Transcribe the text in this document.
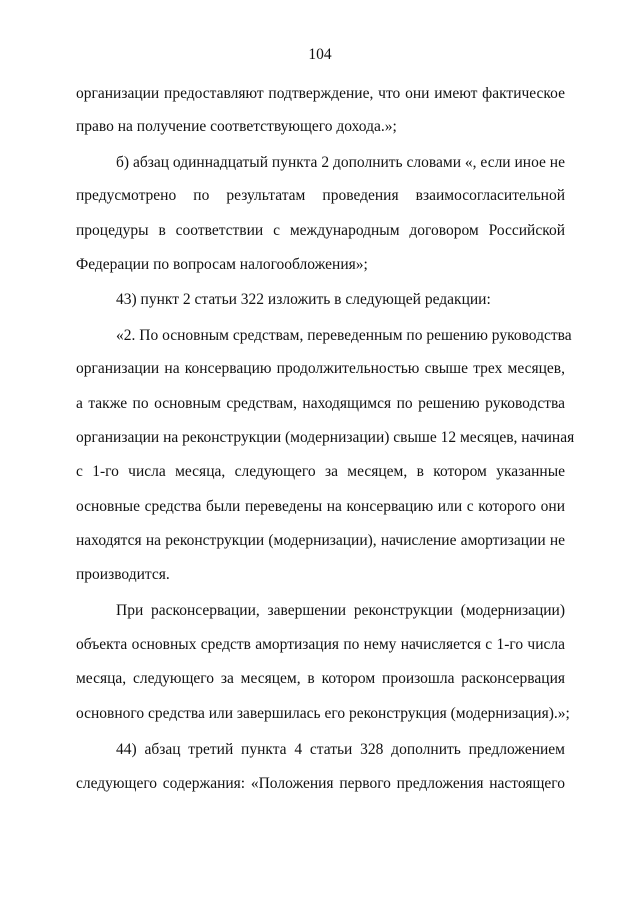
104
организации предоставляют подтверждение, что они имеют фактическое
право на получение соответствующего дохода.»;
б) абзац одиннадцатый пункта 2 дополнить словами «, если иное не
предусмотрено по результатам проведения взаимосогласительной
процедуры в соответствии с международным договором Российской
Федерации по вопросам налогообложения»;
43) пункт 2 статьи 322 изложить в следующей редакции:
«2. По основным средствам, переведенным по решению руководства
организации на консервацию продолжительностью свыше трех месяцев,
а также по основным средствам, находящимся по решению руководства
организации на реконструкции (модернизации) свыше 12 месяцев, начиная
с 1-го числа месяца, следующего за месяцем, в котором указанные
основные средства были переведены на консервацию или с которого они
находятся на реконструкции (модернизации), начисление амортизации не
производится.
При расконсервации, завершении реконструкции (модернизации)
объекта основных средств амортизация по нему начисляется с 1-го числа
месяца, следующего за месяцем, в котором произошла расконсервация
основного средства или завершилась его реконструкция (модернизация).»;
44) абзац третий пункта 4 статьи 328 дополнить предложением
следующего содержания: «Положения первого предложения настоящего
